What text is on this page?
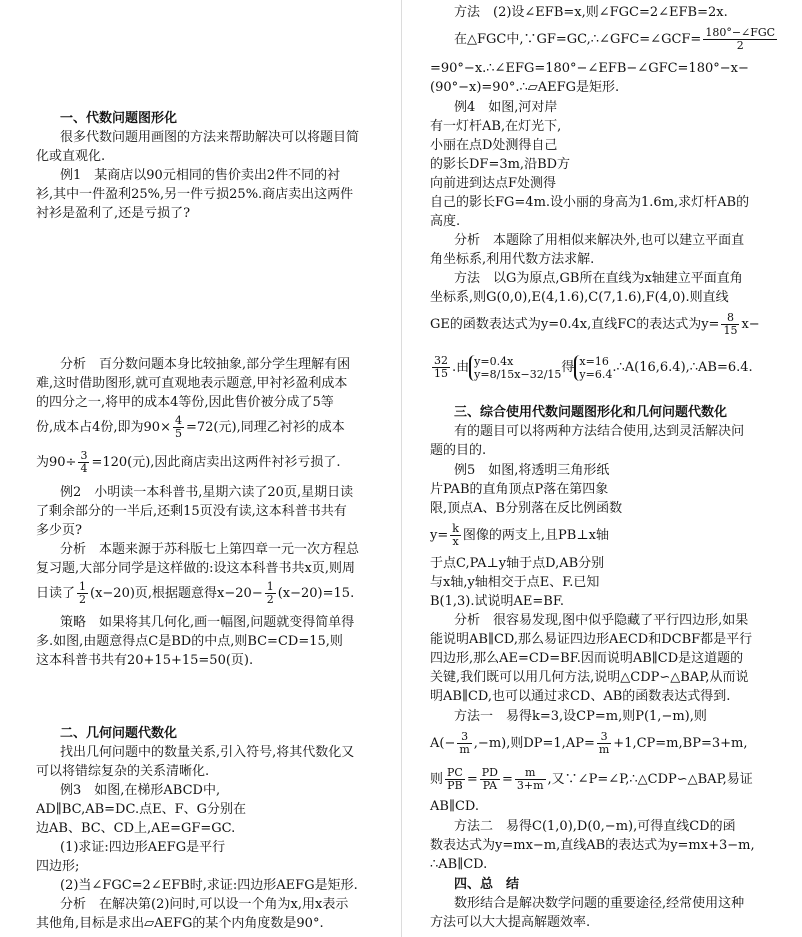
一、代数问题图形化
很多代数问题用画图的方法来帮助解决可以将题目简
化或直观化.
例1　某商店以90元相同的售价卖出2件不同的衬
衫,其中一件盈利25%,另一件亏损25%.商店卖出这两件
衬衫是盈利了,还是亏损了?
分析　百分数问题本身比较抽象,部分学生理解有困
难,这时借助图形,就可直观地表示题意,甲衬衫盈利成本
的四分之一,将甲的成本4等份,因此售价被分成了5等
份,成本占4份,即为$90\times \frac{4}{5} =72$(元),同理乙衬衫的成本
为$90\div \frac{3}{4} =120$(元),因此商店卖出这两件衬衫亏损了.
例2　小明读一本科普书,星期六读了20页,星期日读
了剩余部分的一半后,还剩15页没有读,这本科普书共有
多少页?
分析　本题来源于苏科版七上第四章一元一次方程总
复习题,大部分同学是这样做的:设这本科普书共x页,则周
日读了 $\frac{1}{2} (x-20)$页,根据题意得$x-20- \frac{1}{2} (x-20)=15$.
策略　如果将其几何化,画一幅图,问题就变得简单得
多.如图,由题意得点C是BD的中点,则BC=CD=15,则
这本科普书共有20+15+15=50(页).
二、几何问题代数化
找出几何问题中的数量关系,引入符号,将其代数化又
可以将错综复杂的关系清晰化.
例3　如图,在梯形ABCD中,
AD∥BC,AB=DC.点E、F、G分别在
边AB、BC、CD上,AE=GF=GC.
(1)求证:四边形AEFG是平行
四边形;
(2)当∠FGC=2∠EFB时,求证:四边形AEFG是矩形.
分析　在解决第(2)问时,可以设一个角为x,用x表示
其他角,目标是求出▱AEFG的某个内角度数是90°.
方法　(2)设∠EFB=x,则∠FGC=2∠EFB=2x.
在△FGC中,∵GF=GC,∴∠GFC=∠GCF= $\frac{\text{180°−∠FGC}}{2}$
=90°−x.∴∠EFG=180°−∠EFB−∠GFC=180°−x−
(90°−x)=90°.∴▱AEFG是矩形.
例4　如图,河对岸
有一灯杆AB,在灯光下,
小丽在点D处测得自己
的影长DF=3m,沿BD方
向前进到达点F处测得
自己的影长FG=4m.设小丽的身高为1.6m,求灯杆AB的
高度.
分析　本题除了用相似来解决外,也可以建立平面直
角坐标系,利用代数方法求解.
方法　以G为原点,GB所在直线为x轴建立平面直角
坐标系,则G(0,0),E(4,1.6),C(7,1.6),F(4,0).则直线
GE的函数表达式为y=0.4x,直线FC的表达式为$y= \frac{8}{15} x-$
$\frac{32}{15}$ .由 y=0.4x
y=8/15x−32/15 得 x=16
y=6.4 .∴A(16,6.4),∴AB=6.4.
三、综合使用代数问题图形化和几何问题代数化
有的题目可以将两种方法结合使用,达到灵活解决问
题的目的.
例5　如图,将透明三角形纸
片PAB的直角顶点P落在第四象
限,顶点A、B分别落在反比例函数
$y= \frac{k}{x}$ 图像的两支上,且PB⊥x轴
于点C,PA⊥y轴于点D,AB分别
与x轴,y轴相交于点E、F.已知
B(1,3).试说明AE=BF.
分析　很容易发现,图中似乎隐藏了平行四边形,如果
能说明AB∥CD,那么易证四边形AECD和DCBF都是平行
四边形,那么AE=CD=BF.因而说明AB∥CD是这道题的
关键,我们既可以用几何方法,说明△CDP∽△BAP,从而说
明AB∥CD,也可以通过求CD、AB的函数表达式得到.
方法一　易得k=3,设CP=m,则P(1,−m),则
$A(- \frac{3}{m} ,-m)$,则$DP=1,AP= \frac{3}{m} +1,CP=m,BP=3+m$,
则 $\frac{PC}{PB} = \frac{PD}{PA} = \frac{m}{3+m}$ ,又∵∠P=∠P,∴△CDP∽△BAP,易证
AB∥CD.
方法二　易得C(1,0),D(0,−m),可得直线CD的函
数表达式为y=mx−m,直线AB的表达式为y=mx+3−m,
∴AB∥CD.
四、总　结
数形结合是解决数学问题的重要途径,经常使用这种
方法可以大大提高解题效率.
